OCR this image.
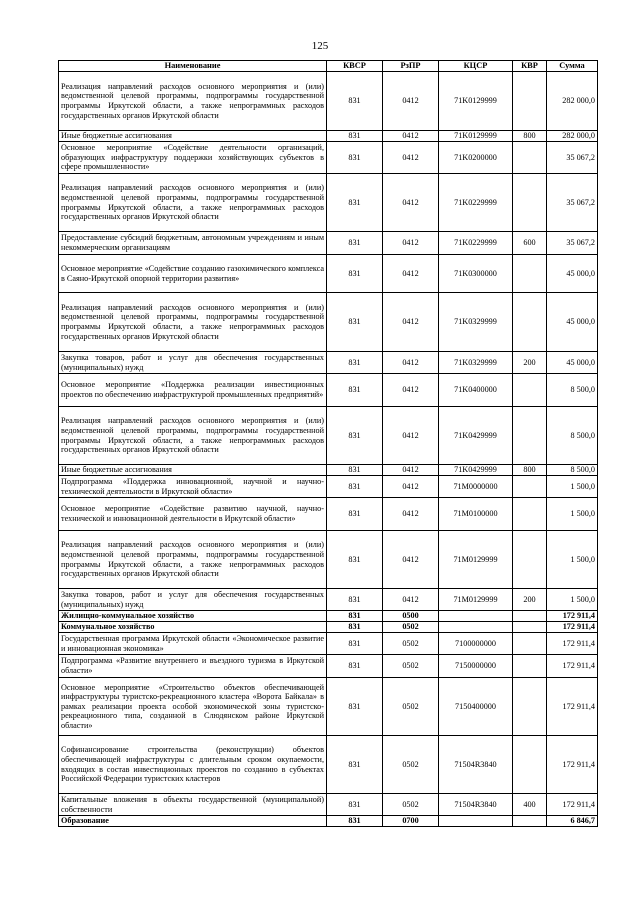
125
Наименование	КВСР	РзПР	КЦСР	КВР	Сумма
Реализация направлений расходов основного мероприятия и (или) ведомственной целевой программы, подпрограммы государственной программы Иркутской области, а также непрограммных расходов государственных органов Иркутской области	831	0412	71K0129999		282 000,0
Иные бюджетные ассигнования	831	0412	71K0129999	800	282 000,0
Основное мероприятие «Содействие деятельности организаций, образующих инфраструктуру поддержки хозяйствующих субъектов в сфере промышленности»	831	0412	71K0200000		35 067,2
Реализация направлений расходов основного мероприятия и (или) ведомственной целевой программы, подпрограммы государственной программы Иркутской области, а также непрограммных расходов государственных органов Иркутской области	831	0412	71K0229999		35 067,2
Предоставление субсидий бюджетным, автономным учреждениям и иным некоммерческим организациям	831	0412	71K0229999	600	35 067,2
Основное мероприятие «Содействие созданию газохимического комплекса в Саяно-Иркутской опорной территории развития»	831	0412	71K0300000		45 000,0
Реализация направлений расходов основного мероприятия и (или) ведомственной целевой программы, подпрограммы государственной программы Иркутской области, а также непрограммных расходов государственных органов Иркутской области	831	0412	71K0329999		45 000,0
Закупка товаров, работ и услуг для обеспечения государственных (муниципальных) нужд	831	0412	71K0329999	200	45 000,0
Основное мероприятие «Поддержка реализации инвестиционных проектов по обеспечению инфраструктурой промышленных предприятий»	831	0412	71K0400000		8 500,0
Реализация направлений расходов основного мероприятия и (или) ведомственной целевой программы, подпрограммы государственной программы Иркутской области, а также непрограммных расходов государственных органов Иркутской области	831	0412	71K0429999		8 500,0
Иные бюджетные ассигнования	831	0412	71K0429999	800	8 500,0
Подпрограмма «Поддержка инновационной, научной и научно-технической деятельности в Иркутской области»	831	0412	71M0000000		1 500,0
Основное мероприятие «Содействие развитию научной, научно-технической и инновационной деятельности в Иркутской области»	831	0412	71M0100000		1 500,0
Реализация направлений расходов основного мероприятия и (или) ведомственной целевой программы, подпрограммы государственной программы Иркутской области, а также непрограммных расходов государственных органов Иркутской области	831	0412	71M0129999		1 500,0
Закупка товаров, работ и услуг для обеспечения государственных (муниципальных) нужд	831	0412	71M0129999	200	1 500,0
Жилищно-коммунальное хозяйство	831	0500			172 911,4
Коммунальное хозяйство	831	0502			172 911,4
Государственная программа Иркутской области «Экономическое развитие и инновационная экономика»	831	0502	7100000000		172 911,4
Подпрограмма «Развитие внутреннего и въездного туризма в Иркутской области»	831	0502	7150000000		172 911,4
Основное мероприятие «Строительство объектов обеспечивающей инфраструктуры туристско-рекреационного кластера «Ворота Байкала» в рамках реализации проекта особой экономической зоны туристско-рекреационного типа, созданной в Слюдянском районе Иркутской области»	831	0502	7150400000		172 911,4
Софинансирование строительства (реконструкции) объектов обеспечивающей инфраструктуры с длительным сроком окупаемости, входящих в состав инвестиционных проектов по созданию в субъектах Российской Федерации туристских кластеров	831	0502	71504R3840		172 911,4
Капитальные вложения в объекты государственной (муниципальной) собственности	831	0502	71504R3840	400	172 911,4
Образование	831	0700			6 846,7
